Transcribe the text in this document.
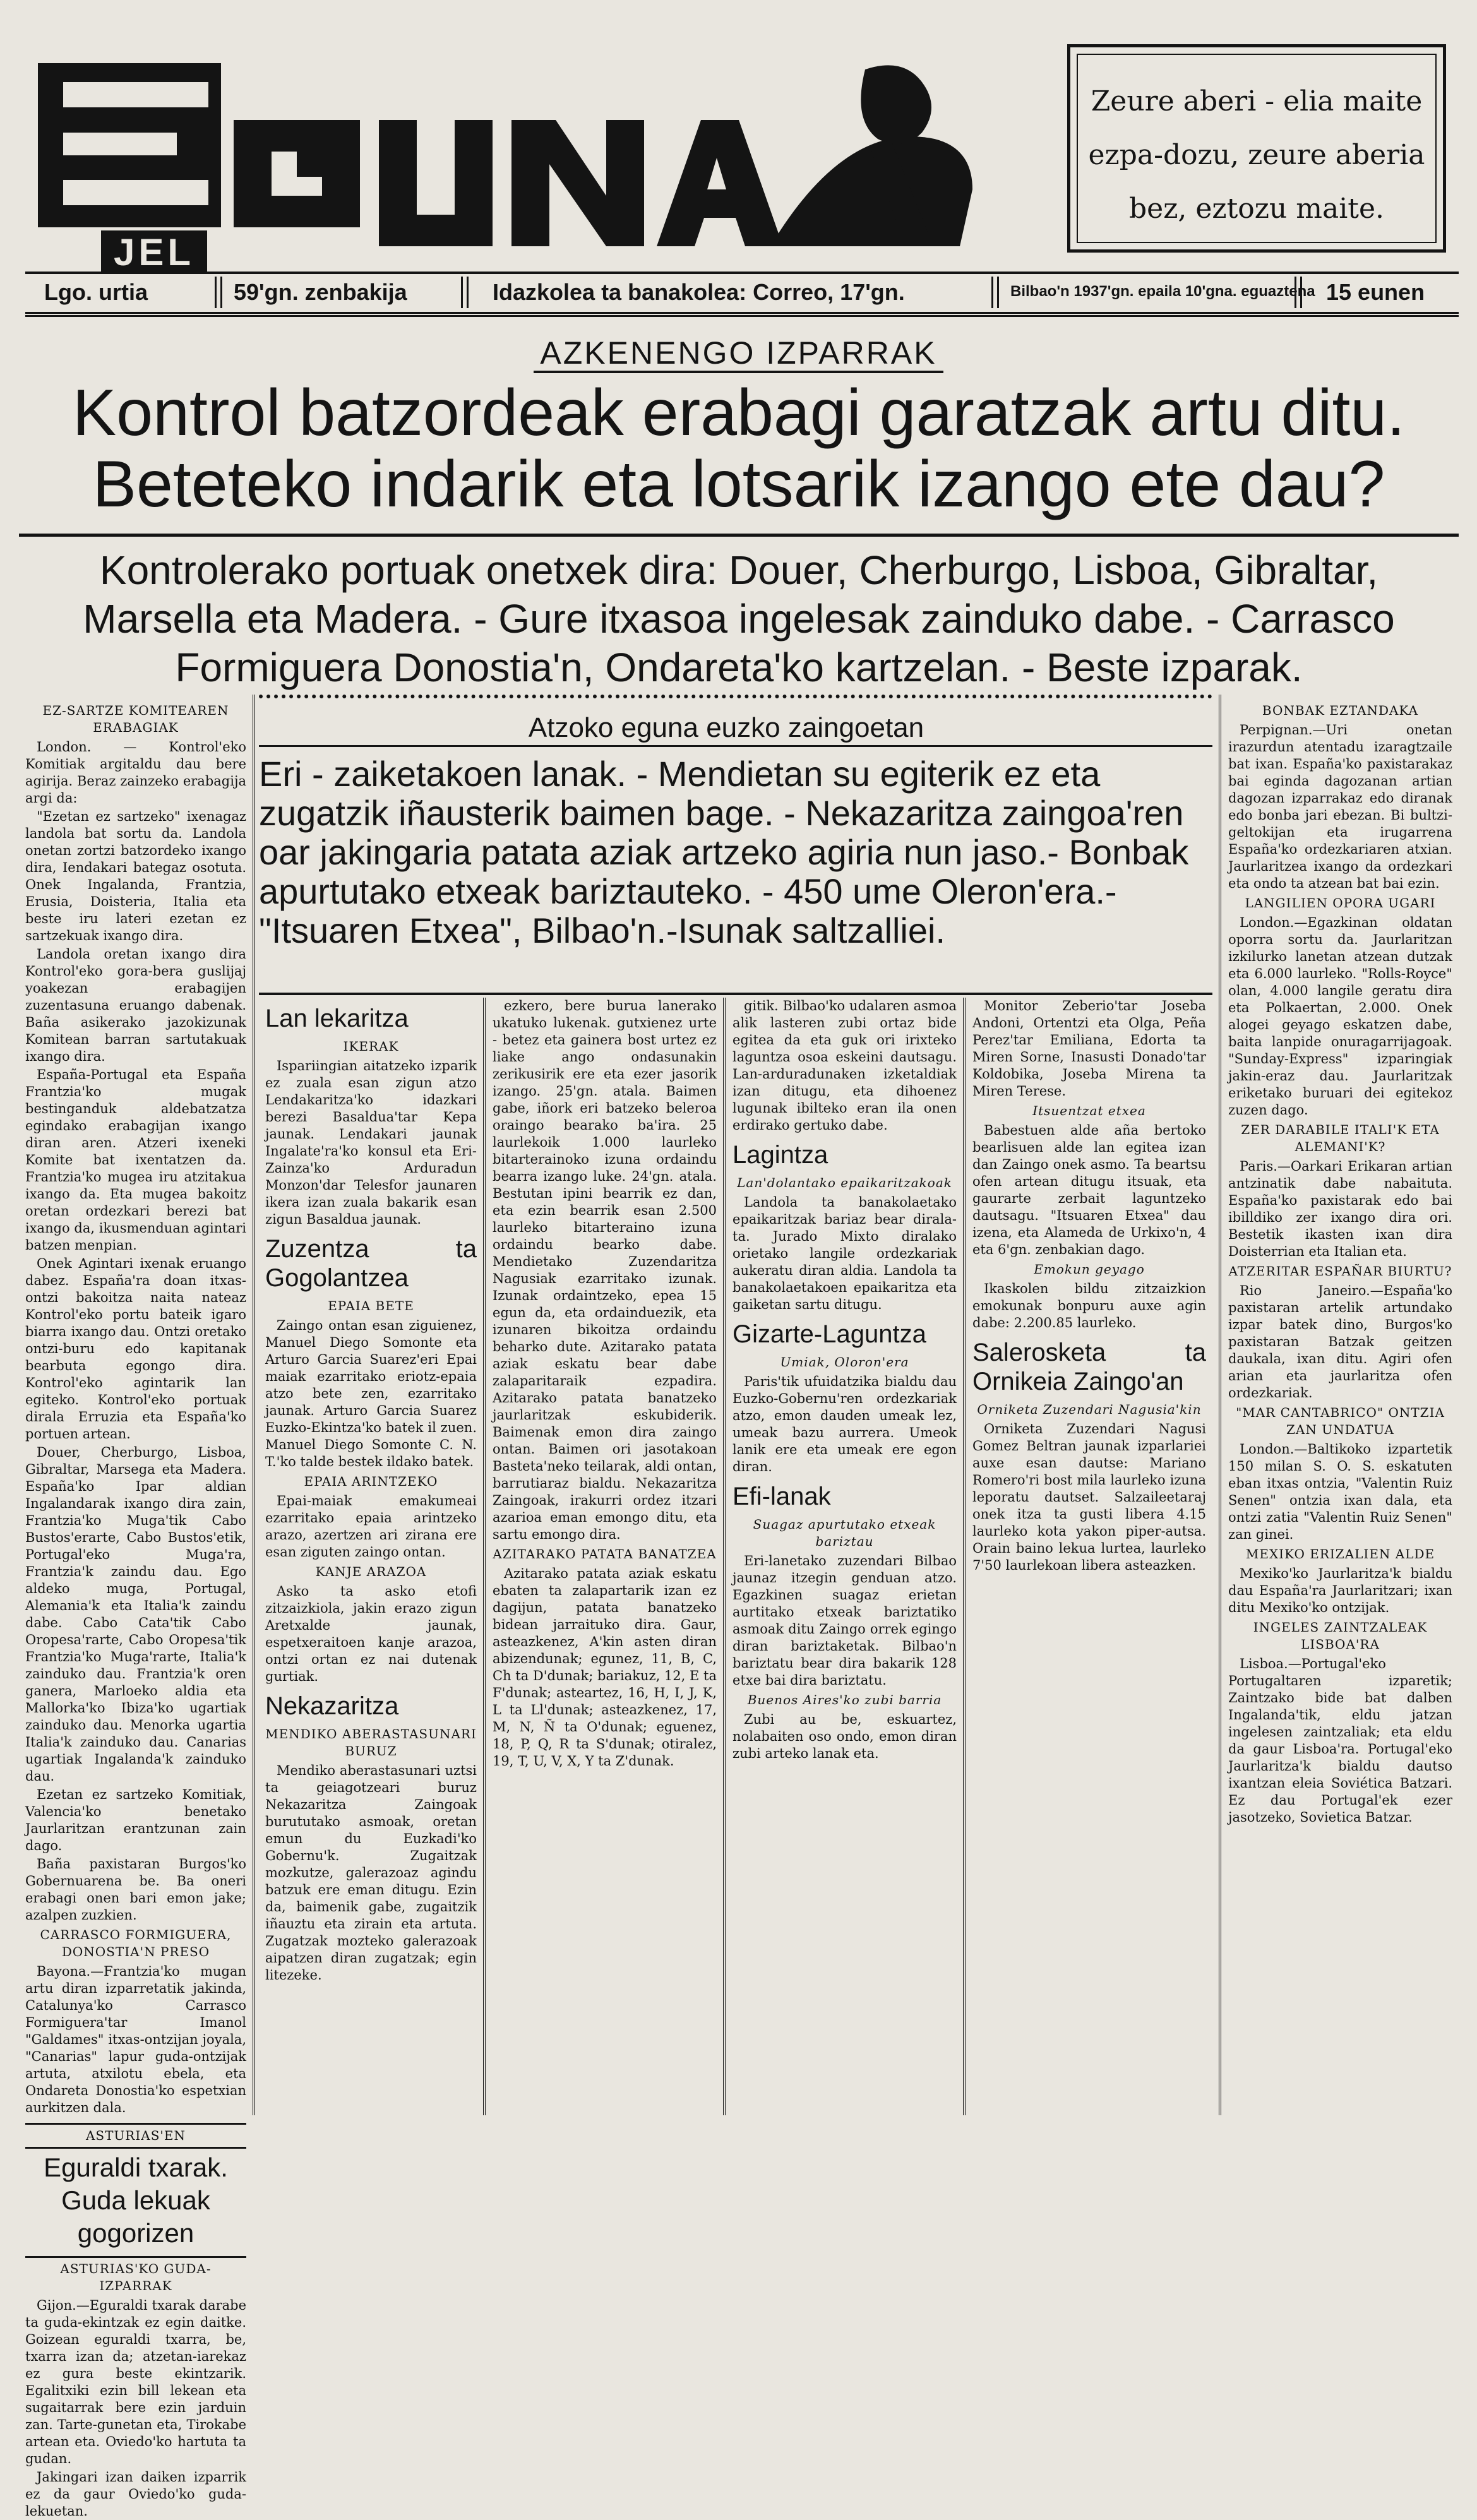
JEL
Zeure aberi - elia maite
ezpa-dozu, zeure aberia
bez, eztozu maite.
Lgo. urtia	59'gn. zenbakija	Idazkolea ta banakolea: Correo, 17'gn.	Bilbao'n 1937'gn. epaila 10'gna. eguaztena 15 eunen
AZKENENGO IZPARRAK
Kontrol batzordeak erabagi garatzak artu ditu.
Beteteko indarik eta lotsarik izango ete dau?
Kontrolerako portuak onetxek dira: Douer, Cherburgo, Lisboa, Gibraltar,
Marsella eta Madera. - Gure itxasoa ingelesak zainduko dabe. - Carrasco
Formiguera Donostia'n, Ondareta'ko kartzelan. - Beste izparak.
EZ-SARTZE KOMITEAREN ERABAGIAK

London. — Kontrol'eko Komitiak argitaldu dau bere agirija. Beraz zainzeko erabagija argi da:

"Ezetan ez sartzeko" ixenagaz landola bat sortu da. Landola onetan zortzi batzordeko ixango dira, Iendakari bategaz osotuta. Onek Ingalanda, Frantzia, Erusia, Doisteria, Italia eta beste iru lateri ezetan ez sartzekuak ixango dira.

Landola oretan ixango dira Kontrol'eko gora-bera guslijaj yoakezan erabagijen zuzentasuna eruango dabenak. Baña asikerako jazokizunak Komitean barran sartutakuak ixango dira.

España-Portugal eta España Frantzia'ko mugak bestinganduk aldebatzatza egindako erabagijan ixango diran aren. Atzeri ixeneki Komite bat ixentatzen da. Frantzia'ko mugea iru atzitakua ixango da. Eta mugea bakoitz oretan ordezkari berezi bat ixango da, ikusmenduan agintari batzen menpian.

Onek Agintari ixenak eruango dabez. España'ra doan itxas-ontzi bakoitza naita nateaz Kontrol'eko portu bateik igaro biarra ixango dau. Ontzi oretako ontzi-buru edo kapitanak bearbuta egongo dira. Kontrol'eko agintarik lan egiteko. Kontrol'eko portuak dirala Erruzia eta España'ko portuen artean.

Douer, Cherburgo, Lisboa, Gibraltar, Marsega eta Madera. España'ko Ipar aldian Ingalandarak ixango dira zain, Frantzia'ko Muga'tik Cabo Bustos'erarte, Cabo Bustos'etik, Portugal'eko Muga'ra, Frantzia'k zaindu dau. Ego aldeko muga, Portugal, Alemania'k eta Italia'k zaindu dabe. Cabo Cata'tik Cabo Oropesa'rarte, Cabo Oropesa'tik Frantzia'ko Muga'rarte, Italia'k zainduko dau. Frantzia'k oren ganera, Marloeko aldia eta Mallorka'ko Ibiza'ko ugartiak zainduko dau. Menorka ugartia Italia'k zainduko dau. Canarias ugartiak Ingalanda'k zainduko dau.

Ezetan ez sartzeko Komitiak, Valencia'ko benetako Jaurlaritzan erantzunan zain dago.

Baña paxistaran Burgos'ko Gobernuarena be. Ba oneri erabagi onen bari emon jake; azalpen zuzkien.

CARRASCO FORMIGUERA, DONOSTIA'N PRESO

Bayona.—Frantzia'ko mugan artu diran izparretatik jakinda, Catalunya'ko Carrasco Formiguera'tar Imanol "Galdames" itxas-ontzijan joyala, "Canarias" lapur guda-ontzijak artuta, atxilotu ebela, eta Ondareta Donostia'ko espetxian aurkitzen dala.

ASTURIAS'EN
Eguraldi txarak.
Guda lekuak gogorizen
ASTURIAS'KO GUDA-IZPARRAK

Gijon.—Eguraldi txarak darabe ta guda-ekintzak ez egin daitke. Goizean eguraldi txarra, be, txarra izan da; atzetan-iarekaz ez gura beste ekintzarik. Egalitxiki ezin bill lekean eta sugaitarrak bere ezin jarduin zan. Tarte-gunetan eta, Tirokabe artean eta. Oviedo'ko hartuta ta gudan.

Jakingari izan daiken izparrik ez da gaur Oviedo'ko guda-lekuetan.

Atzoko eguna euzko zaingoetan
Eri - zaiketakoen lanak. - Mendietan su egiterik ez eta zugatzik iñausterik baimen bage. - Nekazaritza zaingoa'ren oar jakingaria patata aziak artzeko agiria nun jaso.- Bonbak apurtutako etxeak bariztauteko. - 450 ume Oleron'era.-"Itsuaren Etxea", Bilbao'n.-Isunak saltzalliei.
Lan lekaritza
IKERAK

Ispariingian aitatzeko izparik ez zuala esan zigun atzo Lendakaritza'ko idazkari berezi Basaldua'tar Kepa jaunak. Lendakari jaunak Ingalate'ra'ko konsul eta Eri-Zainza'ko Arduradun Monzon'dar Telesfor jaunaren ikera izan zuala bakarik esan zigun Basaldua jaunak.

Zuzentza ta Gogolantzea
EPAIA BETE

Zaingo ontan esan ziguienez, Manuel Diego Somonte eta Arturo Garcia Suarez'eri Epai maiak ezarritako eriotz-epaia atzo bete zen, ezarritako jaunak. Arturo Garcia Suarez Euzko-Ekintza'ko batek il zuen. Manuel Diego Somonte C. N. T.'ko talde bestek ildako batek.

EPAIA ARINTZEKO

Epai-maiak emakumeai ezarritako epaia arintzeko arazo, azertzen ari zirana ere esan ziguten zaingo ontan.

KANJE ARAZOA

Asko ta asko etofi zitzaizkiola, jakin erazo zigun Aretxalde jaunak, espetxeraitoen kanje arazoa, ontzi ortan ez nai dutenak gurtiak.

Nekazaritza
MENDIKO ABERASTASUNARI BURUZ

Mendiko aberastasunari uztsi ta geiagotzeari buruz Nekazaritza Zaingoak burututako asmoak, oretan emun du Euzkadi'ko Gobernu'k. Zugaitzak mozkutze, galerazoaz agindu batzuk ere eman ditugu. Ezin da, baimenik gabe, zugaitzik iñauztu eta zirain eta artuta. Zugatzak mozteko galerazoak aipatzen diran zugatzak; egin litezeke.

ezkero, bere burua lanerako ukatuko lukenak. gutxienez urte - betez eta gainera bost urtez ez liake ango ondasunakin zerikusirik ere eta ezer jasorik izango. 25'gn. atala. Baimen gabe, iñork eri batzeko beleroa oraingo bearako ba'ira. 25 laurlekoik 1.000 laurleko bitarterainoko izuna ordaindu bearra izango luke. 24'gn. atala. Bestutan ipini bearrik ez dan, eta ezin bearrik esan 2.500 laurleko bitarteraino izuna ordaindu bearko dabe. Mendietako Zuzendaritza Nagusiak ezarritako izunak. Izunak ordaintzeko, epea 15 egun da, eta ordainduezik, eta izunaren bikoitza ordaindu beharko dute. Azitarako patata aziak eskatu bear dabe zalaparitaraik ezpadira. Azitarako patata banatzeko jaurlaritzak eskubiderik. Baimenak emon dira zaingo ontan. Baimen ori jasotakoan Basteta'neko teilarak, aldi ontan, barrutiaraz bialdu. Nekazaritza Zaingoak, irakurri ordez itzari azarioa eman emongo ditu, eta sartu emongo dira.

AZITARAKO PATATA BANATZEA

Azitarako patata aziak eskatu ebaten ta zalapartarik izan ez dagijun, patata banatzeko bidean jarraituko dira. Gaur, asteazkenez, A'kin asten diran abizendunak; egunez, 11, B, C, Ch ta D'dunak; bariakuz, 12, E ta F'dunak; asteartez, 16, H, I, J, K, L ta Ll'dunak; asteazkenez, 17, M, N, Ñ ta O'dunak; eguenez, 18, P, Q, R ta S'dunak; otiralez, 19, T, U, V, X, Y ta Z'dunak.

gitik. Bilbao'ko udalaren asmoa alik lasteren zubi ortaz bide egitea da eta guk ori irixteko laguntza osoa eskeini dautsagu. Lan-arduradunaken izketaldiak izan ditugu, eta dihoenez lugunak ibilteko eran ila onen erdirako gertuko dabe.

Lagintza
Lan'dolantako epaikaritzakoak

Landola ta banakolaetako epaikaritzak bariaz bear dirala-ta. Jurado Mixto diralako orietako langile ordezkariak aukeratu diran aldia. Landola ta banakolaetakoen epaikaritza eta gaiketan sartu ditugu.

Gizarte-Laguntza
Umiak, Oloron'era

Paris'tik ufuidatzika bialdu dau Euzko-Gobernu'ren ordezkariak atzo, emon dauden umeak lez, umeak bazu aurrera. Umeok lanik ere eta umeak ere egon diran.

Efi-lanak
Suagaz apurtutako etxeak bariztau

Eri-lanetako zuzendari Bilbao jaunaz itzegin genduan atzo. Egazkinen suagaz erietan aurtitako etxeak bariztatiko asmoak ditu Zaingo orrek egingo diran bariztaketak. Bilbao'n bariztatu bear dira bakarik 128 etxe bai dira bariztatu.

Buenos Aires'ko zubi barria

Zubi au be, eskuartez, nolabaiten oso ondo, emon diran zubi arteko lanak eta.

Monitor Zeberio'tar Joseba Andoni, Ortentzi eta Olga, Peña Perez'tar Emiliana, Edorta ta Miren Sorne, Inasusti Donado'tar Koldobika, Joseba Mirena ta Miren Terese.

Itsuentzat etxea

Babestuen alde aña bertoko bearlisuen alde lan egitea izan dan Zaingo onek asmo. Ta beartsu ofen artean ditugu itsuak, eta gaurarte zerbait laguntzeko dautsagu. "Itsuaren Etxea" dau izena, eta Alameda de Urkixo'n, 4 eta 6'gn. zenbakian dago.

Emokun geyago

Ikaskolen bildu zitzaizkion emokunak bonpuru auxe agin dabe: 2.200.85 laurleko.

Salerosketa ta Ornikeia Zaingo'an
Orniketa Zuzendari Nagusia'kin

Orniketa Zuzendari Nagusi Gomez Beltran jaunak izparlariei auxe esan dautse: Mariano Romero'ri bost mila laurleko izuna leporatu dautset. Salzaileetaraj onek itza ta gusti libera 4.15 laurleko kota yakon piper-autsa. Orain baino lekua lurtea, laurleko 7'50 laurlekoan libera asteazken.

BONBAK EZTANDAKA

Perpignan.—Uri onetan irazurdun atentadu izaragtzaile bat ixan. España'ko paxistarakaz bai eginda dagozanan artian dagozan izparrakaz edo diranak edo bonba jari ebezan. Bi bultzi-geltokijan eta irugarrena España'ko ordezkariaren atxian. Jaurlaritzea ixango da ordezkari eta ondo ta atzean bat bai ezin.

LANGILIEN OPORA UGARI

London.—Egazkinan oldatan oporra sortu da. Jaurlaritzan izkilurko lanetan atzean dutzak eta 6.000 laurleko. "Rolls-Royce" olan, 4.000 langile geratu dira eta Polkaertan, 2.000. Onek alogei geyago eskatzen dabe, baita lanpide onuragarrijagoak. "Sunday-Express" izparingiak jakin-eraz dau. Jaurlaritzak eriketako buruari dei egitekoz zuzen dago.

ZER DARABILE ITALI'K ETA ALEMANI'K?

Paris.—Oarkari Erikaran artian antzinatik dabe nabaituta. España'ko paxistarak edo bai ibilldiko zer ixango dira ori. Bestetik ikasten ixan dira Doisterrian eta Italian eta.

ATZERITAR ESPAÑAR BIURTU?

Rio Janeiro.—España'ko paxistaran artelik artundako izpar batek dino, Burgos'ko paxistaran Batzak geitzen daukala, ixan ditu. Agiri ofen arian eta jaurlaritza ofen ordezkariak.

"MAR CANTABRICO" ONTZIA ZAN UNDATUA

London.—Baltikoko izpartetik 150 milan S. O. S. eskatuten eban itxas ontzia, "Valentin Ruiz Senen" ontzia ixan dala, eta ontzi zatia "Valentin Ruiz Senen" zan ginei.

MEXIKO ERIZALIEN ALDE

Mexiko'ko Jaurlaritza'k bialdu dau España'ra Jaurlaritzari; ixan ditu Mexiko'ko ontzijak.

INGELES ZAINTZALEAK LISBOA'RA

Lisboa.—Portugal'eko Portugaltaren izparetik; Zaintzako bide bat dalben Ingalanda'tik, eldu jatzan ingelesen zaintzaliak; eta eldu da gaur Lisboa'ra. Portugal'eko Jaurlaritza'k bialdu dautso ixantzan eleia Soviética Batzari. Ez dau Portugal'ek ezer jasotzeko, Sovietica Batzar.
